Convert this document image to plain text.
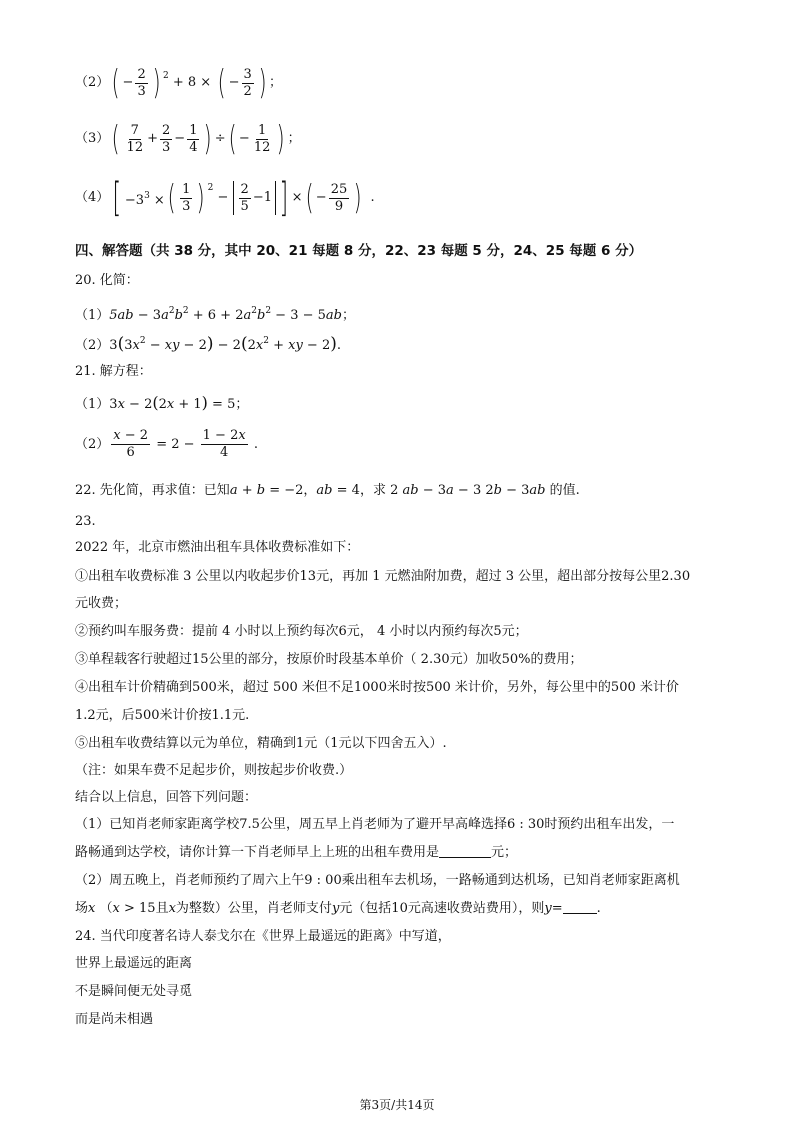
（2） ( − $\frac{2}{3}$ ) $^2$ + 8 × ( − $\frac{3}{2}$ ) ；
（3） ( $\frac{7}{12} + \frac{2}{3} - \frac{1}{4}$ ) ÷ ( − $\frac{1}{12}$ ) ；
（4） [ $-3^3$ × ( $\frac{1}{3}$ ) $^2$
− $\frac{2}{5} -1$ ] × ( − $\frac{25}{9}$ ) .
四、解答题（共 38 分，其中 20、21 每题 8 分，22、23 每题 5 分，24、25 每题 6 分）
20. 化简：
$(1)5ab - 3a^2b^2 + 6 + 2a^2b^2 - 3 - 5ab$；
$(2)3(3x^2$ − xy − $2) - 2(2x^2$ + xy − 2).
21. 解方程：
（1）3x − 2(2x + 1) = 5；
$(2) \frac{x - 2}{6} = 2 - \frac{1 - 2x}{4}$ .
22. 先化简，再求值：已知a + b = −2，ab = 4，求 2 ab − 3a − 3 2b − 3ab 的值.
23.
2022 年，北京市燃油出租车具体收费标准如下：
①出租车收费标准 3 公里以内收起步价13元，再加 1 元燃油附加费，超过 3 公里，超出部分按每公里2.30
元收费；
②预约叫车服务费：提前 4 小时以上预约每次6元， 4 小时以内预约每次5元；
③单程载客行驶超过15公里的部分，按原价时段基本单价（ 2.30元）加收50%的费用；
④出租车计价精确到500米，超过 500 米但不足1000米时按500 米计价，另外，每公里中的500 米计价
1.2元，后500米计价按1.1元.
⑤出租车收费结算以元为单位，精确到1元（1元以下四舍五入）.
（注：如果车费不足起步价，则按起步价收费.）
结合以上信息，回答下列问题：
（1）已知肖老师家距离学校7.5公里，周五早上肖老师为了避开早高峰选择6 : 30时预约出租车出发，一
路畅通到达学校，请你计算一下肖老师早上上班的出租车费用是	元；
（2）周五晚上，肖老师预约了周六上午9 : 00乘出租车去机场，一路畅通到达机场，已知肖老师家距离机
场x （x > 15且x为整数）公里，肖老师支付y元（包括10元高速收费站费用），则y=	.
24. 当代印度著名诗人泰戈尔在《世界上最遥远的距离》中写道，
世界上最遥远的距离
不是瞬间便无处寻觅
而是尚未相遇
第3页/共14页
